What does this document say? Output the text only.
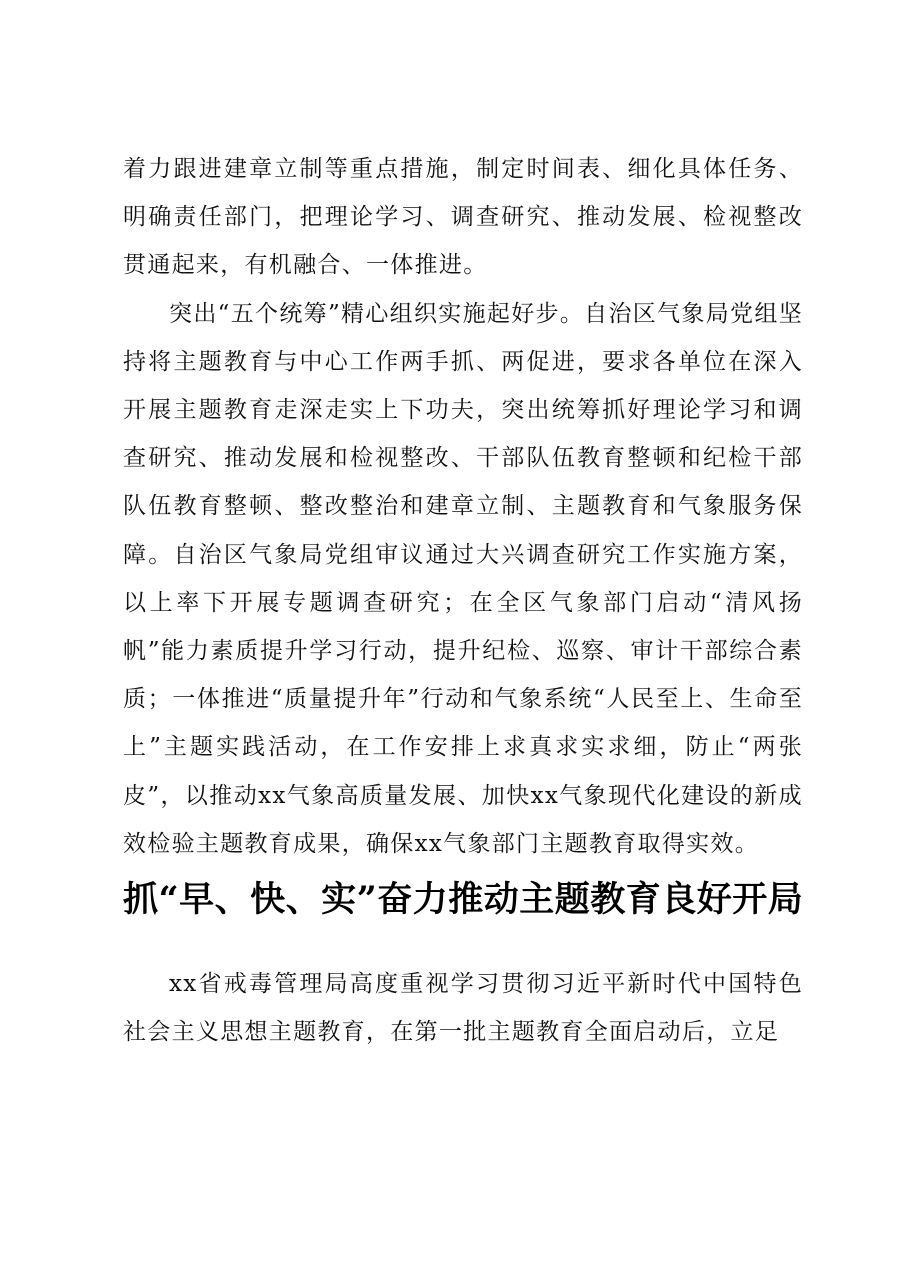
着力跟进建章立制等重点措施，制定时间表、细化具体任务、明确责任部门，把理论学习、调查研究、推动发展、检视整改贯通起来，有机融合、一体推进。

突出“五个统筹”精心组织实施起好步。自治区气象局党组坚持将主题教育与中心工作两手抓、两促进，要求各单位在深入开展主题教育走深走实上下功夫，突出统筹抓好理论学习和调查研究、推动发展和检视整改、干部队伍教育整顿和纪检干部队伍教育整顿、整改整治和建章立制、主题教育和气象服务保障。自治区气象局党组审议通过大兴调查研究工作实施方案，以上率下开展专题调查研究；在全区气象部门启动“清风扬帆”能力素质提升学习行动，提升纪检、巡察、审计干部综合素质；一体推进“质量提升年”行动和气象系统“人民至上、生命至上”主题实践活动，在工作安排上求真求实求细，防止“两张皮”，以推动xx气象高质量发展、加快xx气象现代化建设的新成效检验主题教育成果，确保xx气象部门主题教育取得实效。

抓“早、快、实”奋力推动主题教育良好开局

xx省戒毒管理局高度重视学习贯彻习近平新时代中国特色社会主义思想主题教育，在第一批主题教育全面启动后，立足
